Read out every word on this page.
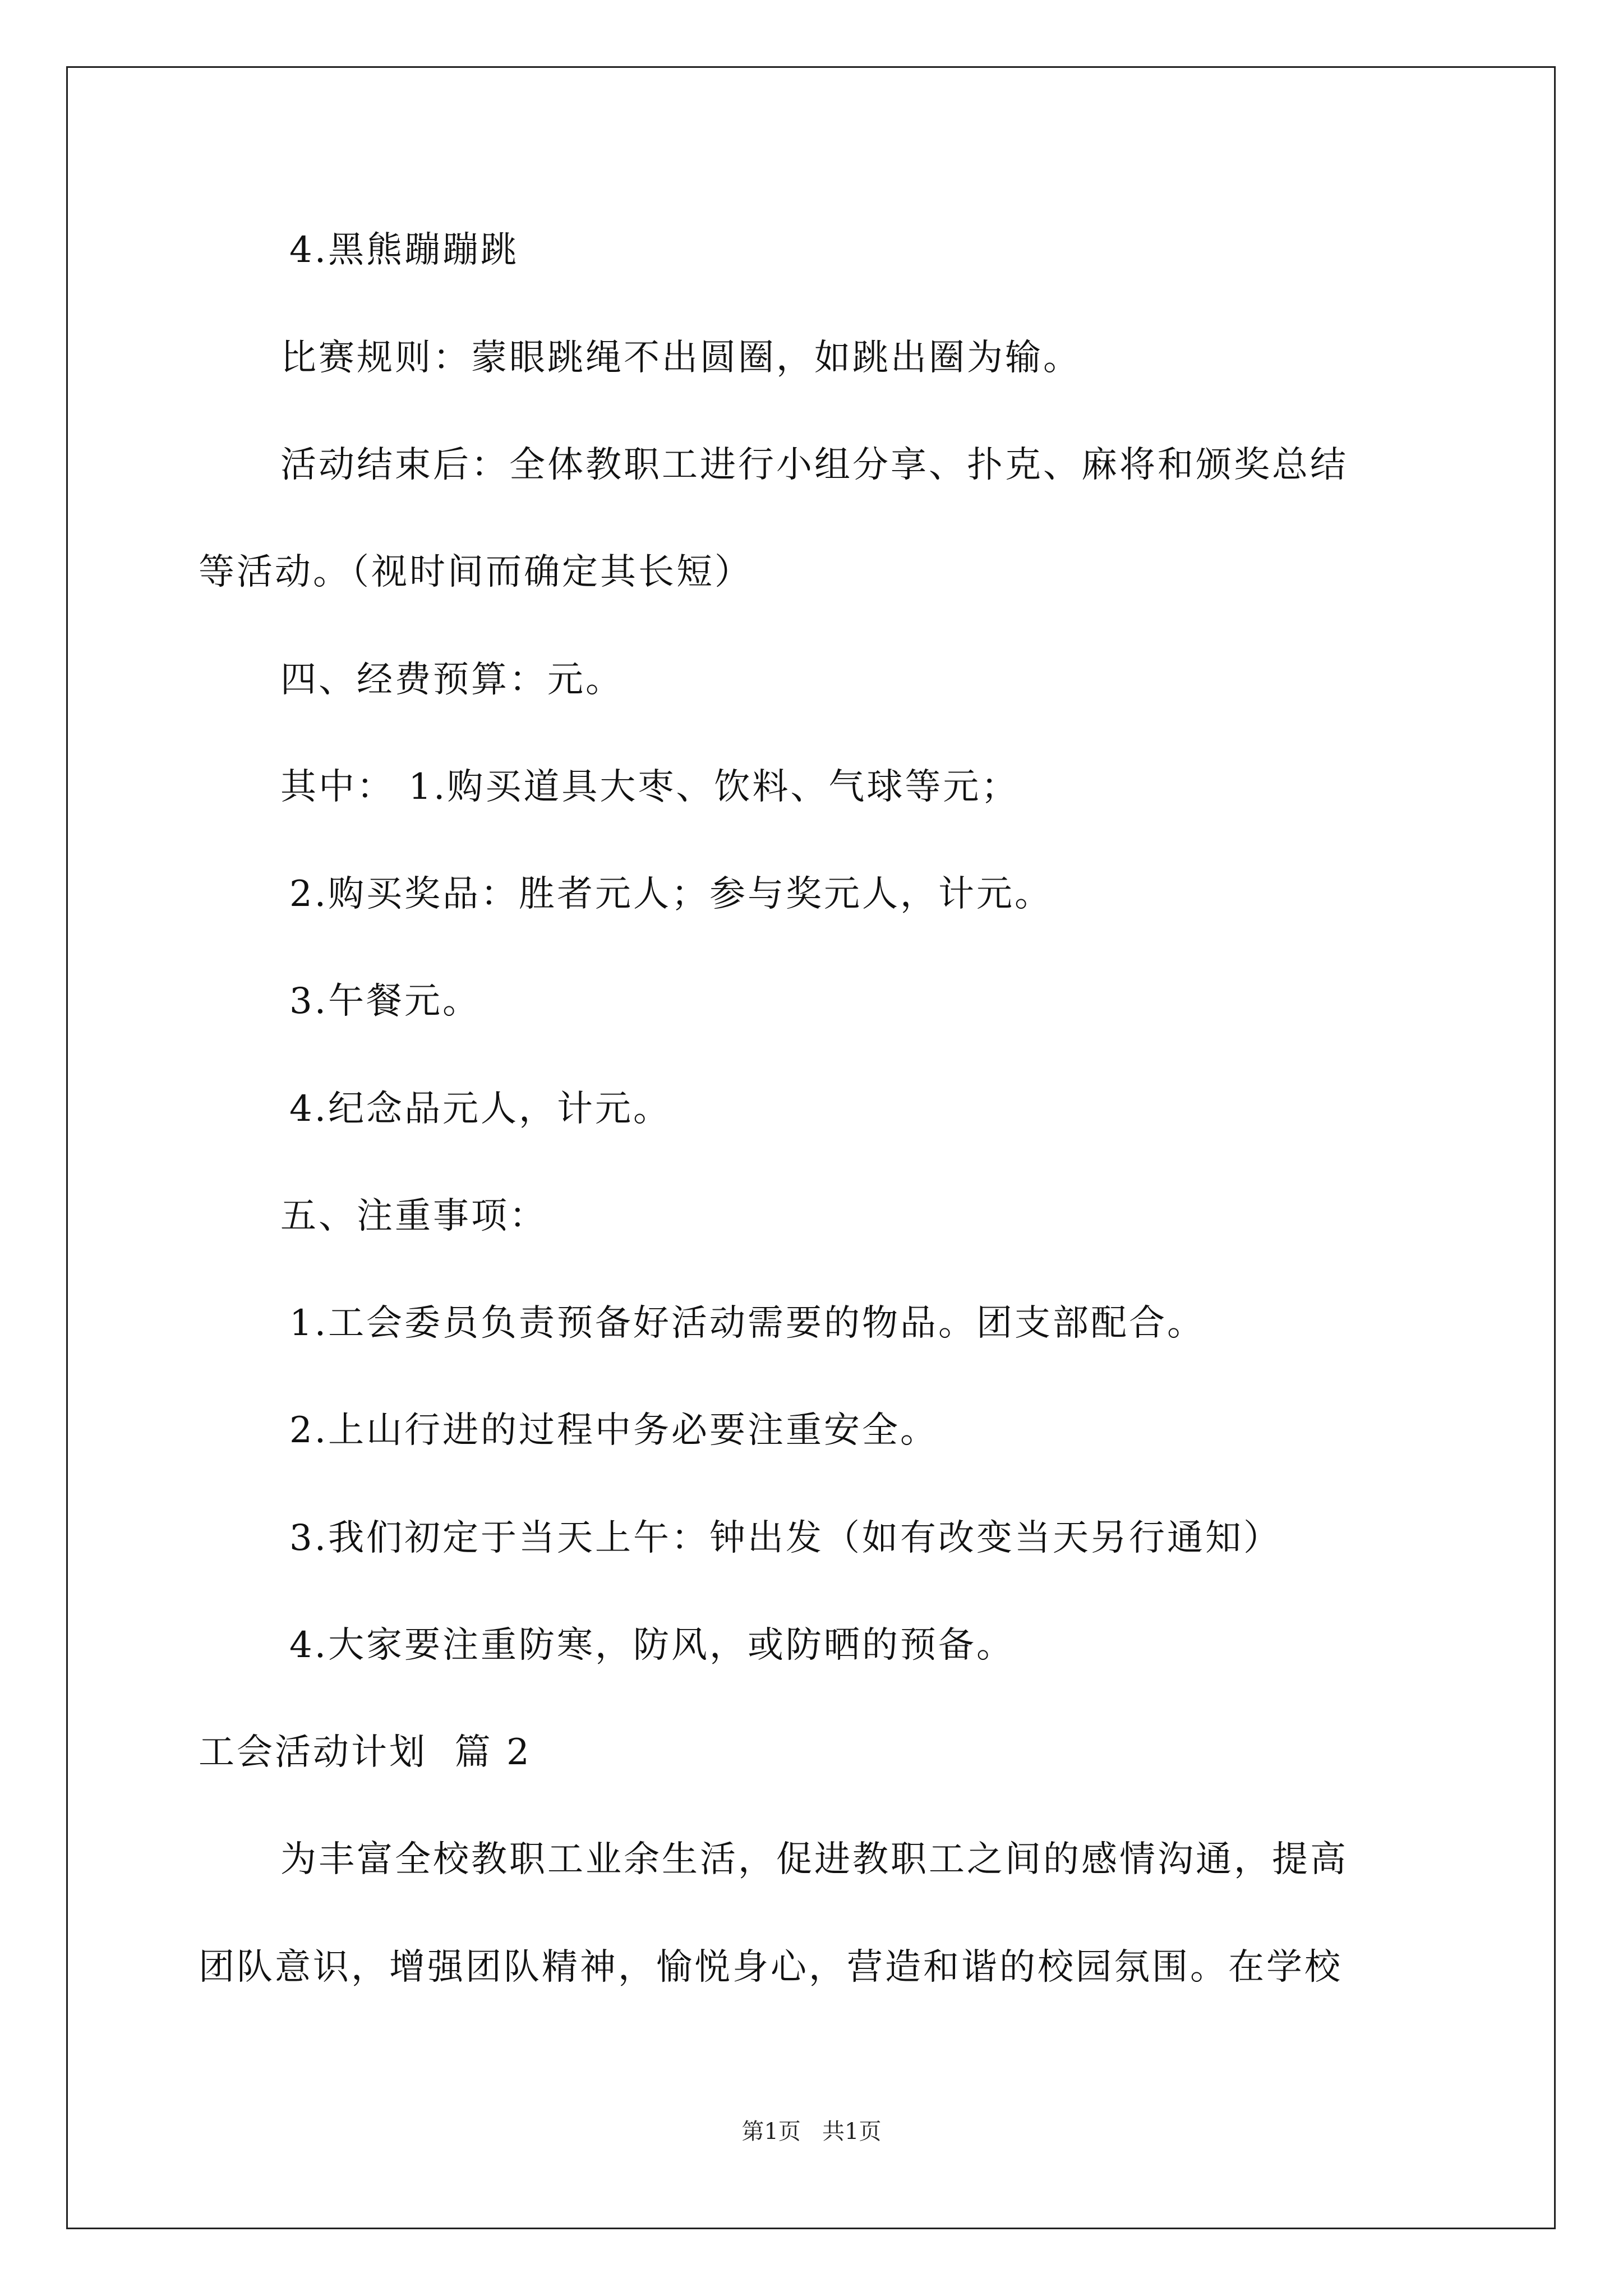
4.黑熊蹦蹦跳
比赛规则：蒙眼跳绳不出圆圈，如跳出圈为输。
活动结束后：全体教职工进行小组分享、扑克、麻将和颁奖总结
等活动。（视时间而确定其长短）
四、经费预算：元。
其中： 1.购买道具大枣、饮料、气球等元；
2.购买奖品：胜者元人；参与奖元人，计元。
3.午餐元。
4.纪念品元人，计元。
五、注重事项：
1.工会委员负责预备好活动需要的物品。团支部配合。
2.上山行进的过程中务必要注重安全。
3.我们初定于当天上午：钟出发（如有改变当天另行通知）
4.大家要注重防寒，防风，或防晒的预备。
工会活动计划  篇 2
为丰富全校教职工业余生活，促进教职工之间的感情沟通，提高
团队意识，增强团队精神，愉悦身心，营造和谐的校园氛围。在学校
第1页   共1页
